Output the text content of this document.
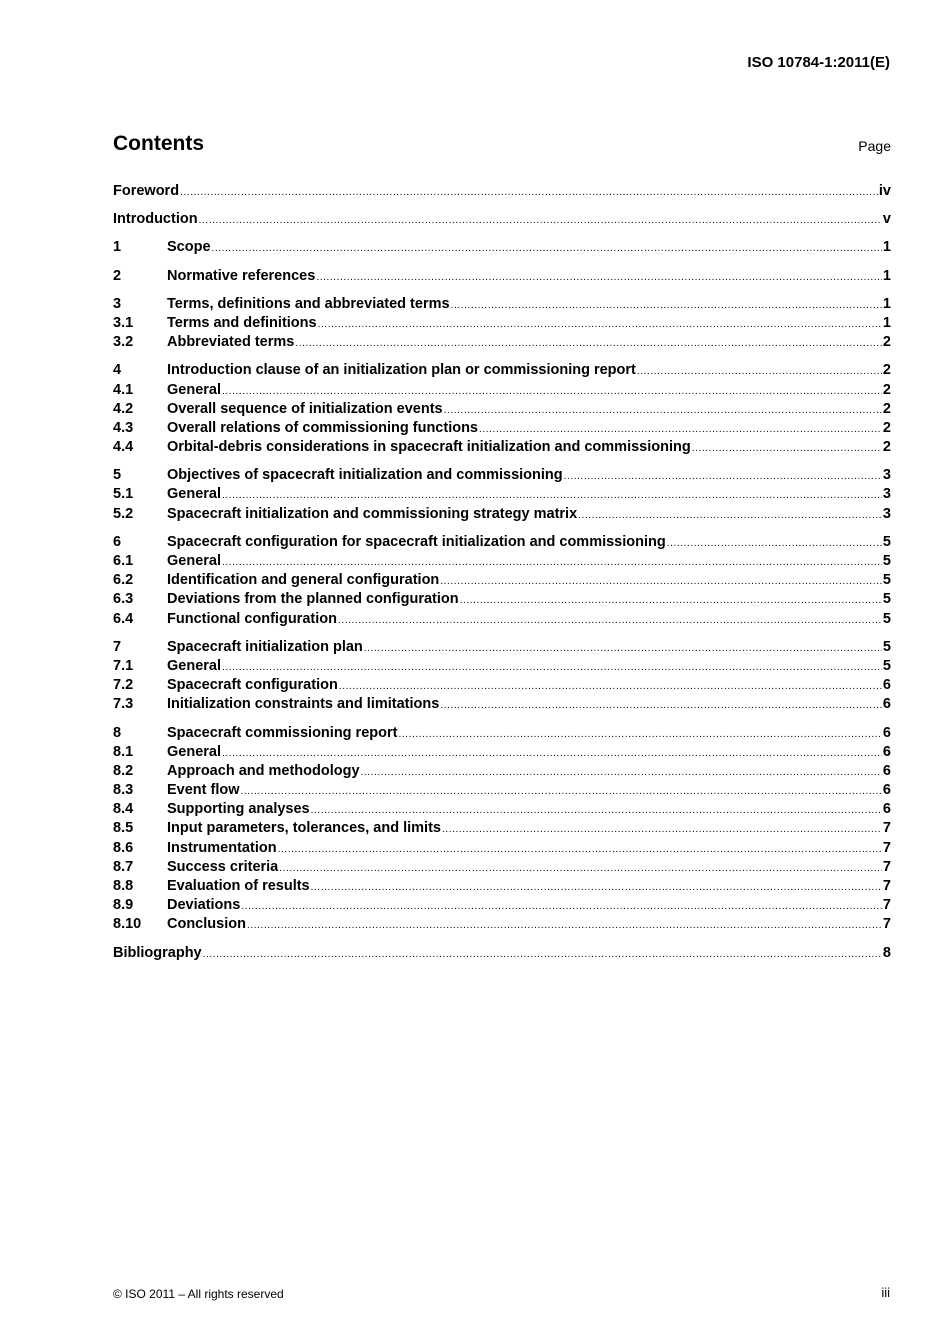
ISO 10784-1:2011(E)
Contents	Page
Foreword .....	iv
Introduction .....	v
1	Scope .....	1
2	Normative references .....	1
3	Terms, definitions and abbreviated terms .....	1
3.1	Terms and definitions .....	1
3.2	Abbreviated terms .....	2
4	Introduction clause of an initialization plan or commissioning report .....	2
4.1	General .....	2
4.2	Overall sequence of initialization events .....	2
4.3	Overall relations of commissioning functions .....	2
4.4	Orbital-debris considerations in spacecraft initialization and commissioning .....	2
5	Objectives of spacecraft initialization and commissioning .....	3
5.1	General .....	3
5.2	Spacecraft initialization and commissioning strategy matrix .....	3
6	Spacecraft configuration for spacecraft initialization and commissioning .....	5
6.1	General .....	5
6.2	Identification and general configuration .....	5
6.3	Deviations from the planned configuration .....	5
6.4	Functional configuration .....	5
7	Spacecraft initialization plan .....	5
7.1	General .....	5
7.2	Spacecraft configuration .....	6
7.3	Initialization constraints and limitations .....	6
8	Spacecraft commissioning report .....	6
8.1	General .....	6
8.2	Approach and methodology .....	6
8.3	Event flow .....	6
8.4	Supporting analyses .....	6
8.5	Input parameters, tolerances, and limits .....	7
8.6	Instrumentation .....	7
8.7	Success criteria .....	7
8.8	Evaluation of results .....	7
8.9	Deviations .....	7
8.10	Conclusion .....	7
Bibliography .....	8
© ISO 2011 – All rights reserved	iii
